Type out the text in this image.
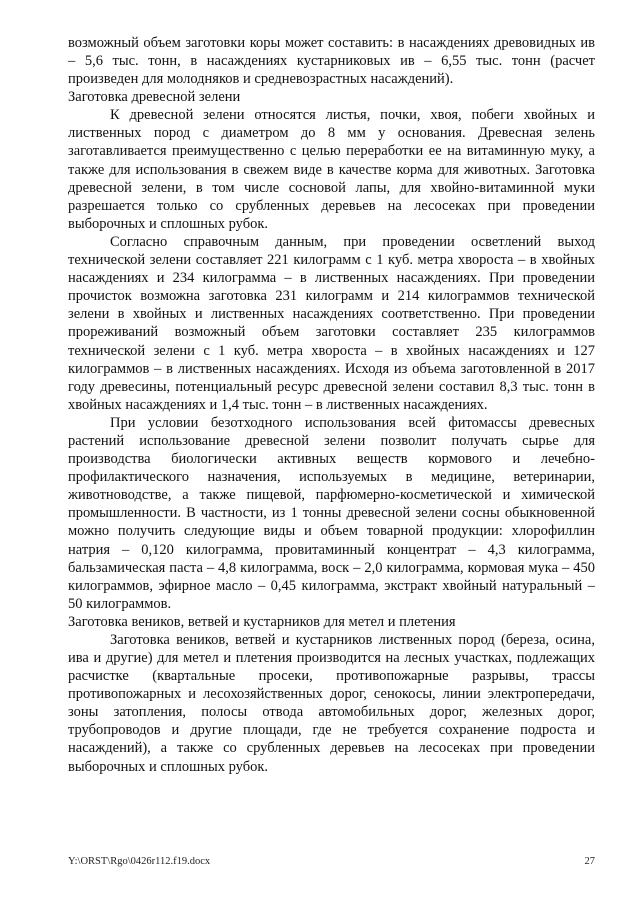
возможный объем заготовки коры может составить: в насаждениях древовидных ив – 5,6 тыс. тонн, в насаждениях кустарниковых ив – 6,55 тыс. тонн (расчет произведен для молодняков и средневозрастных насаждений).

Заготовка древесной зелени

К древесной зелени относятся листья, почки, хвоя, побеги хвойных и лиственных пород с диаметром до 8 мм у основания. Древесная зелень заготавливается преимущественно с целью переработки ее на витаминную муку, а также для использования в свежем виде в качестве корма для животных. Заготовка древесной зелени, в том числе сосновой лапы, для хвойно-витаминной муки разрешается только со срубленных деревьев на лесосеках при проведении выборочных и сплошных рубок.

Согласно справочным данным, при проведении осветлений выход технической зелени составляет 221 килограмм с 1 куб. метра хвороста – в хвойных насаждениях и 234 килограмма – в лиственных насаждениях. При проведении прочисток возможна заготовка 231 килограмм и 214 килограммов технической зелени в хвойных и лиственных насаждениях соответственно. При проведении прореживаний возможный объем заготовки составляет 235 килограммов технической зелени с 1 куб. метра хвороста – в хвойных насаждениях и 127 килограммов – в лиственных насаждениях. Исходя из объема заготовленной в 2017 году древесины, потенциальный ресурс древесной зелени составил 8,3 тыс. тонн в хвойных насаждениях и 1,4 тыс. тонн – в лиственных насаждениях.

При условии безотходного использования всей фитомассы древесных растений использование древесной зелени позволит получать сырье для производства биологически активных веществ кормового и лечебно-профилактического назначения, используемых в медицине, ветеринарии, животноводстве, а также пищевой, парфюмерно-косметической и химической промышленности. В частности, из 1 тонны древесной зелени сосны обыкновенной можно получить следующие виды и объем товарной продукции: хлорофиллин натрия – 0,120 килограмма, провитаминный концентрат – 4,3 килограмма, бальзамическая паста – 4,8 килограмма, воск – 2,0 килограмма, кормовая мука – 450 килограммов, эфирное масло – 0,45 килограмма, экстракт хвойный натуральный – 50 килограммов.

Заготовка веников, ветвей и кустарников для метел и плетения

Заготовка веников, ветвей и кустарников лиственных пород (береза, осина, ива и другие) для метел и плетения производится на лесных участках, подлежащих расчистке (квартальные просеки, противопожарные разрывы, трассы противопожарных и лесохозяйственных дорог, сенокосы, линии электропередачи, зоны затопления, полосы отвода автомобильных дорог, железных дорог, трубопроводов и другие площади, где не требуется сохранение подроста и насаждений), а также со срубленных деревьев на лесосеках при проведении выборочных и сплошных рубок.

Y:\ORST\Rgo\0426r112.f19.docx	27
